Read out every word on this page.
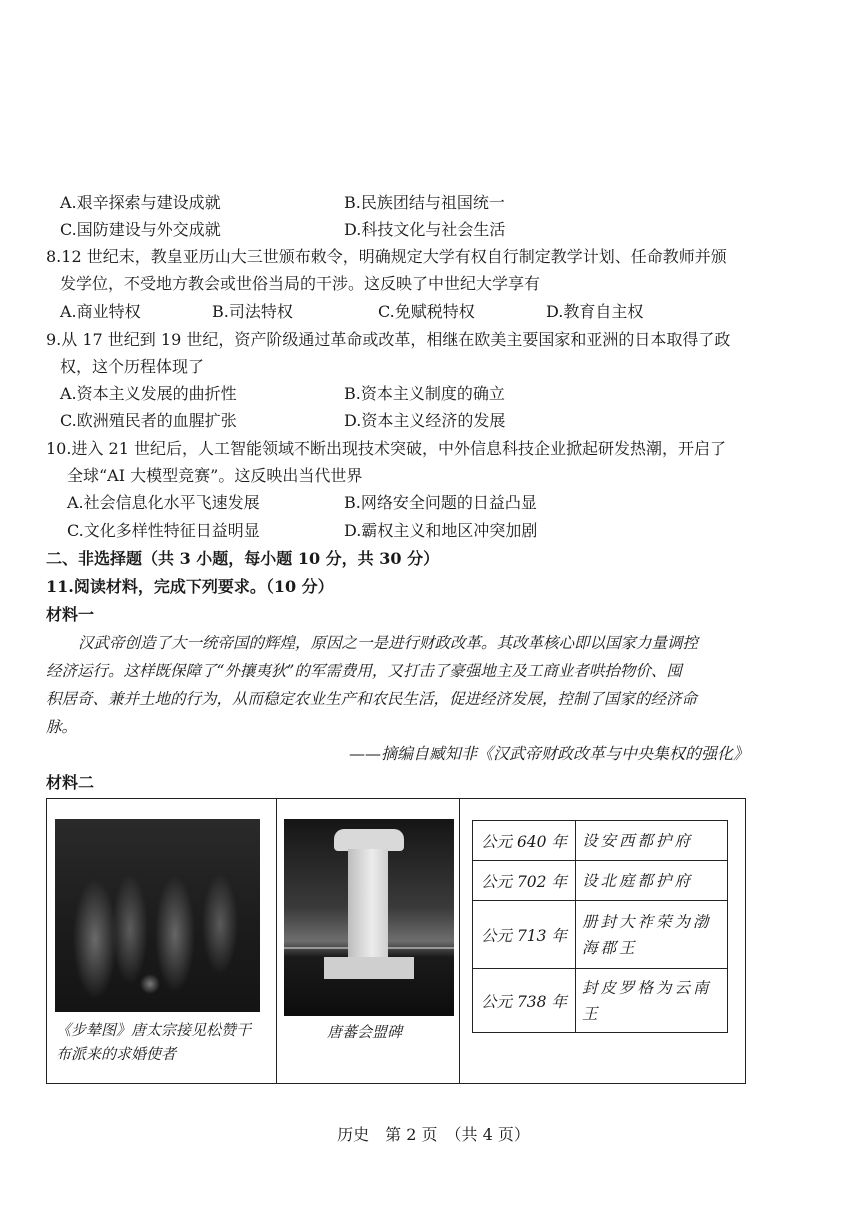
A.艰辛探索与建设成就	B.民族团结与祖国统一
C.国防建设与外交成就	D.科技文化与社会生活
8.12 世纪末，教皇亚历山大三世颁布敕令，明确规定大学有权自行制定教学计划、任命教师并颁
发学位，不受地方教会或世俗当局的干涉。这反映了中世纪大学享有
A.商业特权	B.司法特权	C.免赋税特权	D.教育自主权
9.从 17 世纪到 19 世纪，资产阶级通过革命或改革，相继在欧美主要国家和亚洲的日本取得了政
权，这个历程体现了
A.资本主义发展的曲折性	B.资本主义制度的确立
C.欧洲殖民者的血腥扩张	D.资本主义经济的发展
10.进入 21 世纪后，人工智能领域不断出现技术突破，中外信息科技企业掀起研发热潮，开启了
全球“AI 大模型竞赛”。这反映出当代世界
A.社会信息化水平飞速发展	B.网络安全问题的日益凸显
C.文化多样性特征日益明显	D.霸权主义和地区冲突加剧
二、非选择题（共 3 小题，每小题 10 分，共 30 分）
11.阅读材料，完成下列要求。（10 分）
材料一
汉武帝创造了大一统帝国的辉煌，原因之一是进行财政改革。其改革核心即以国家力量调控
经济运行。这样既保障了“外攘夷狄”的军需费用，又打击了豪强地主及工商业者哄抬物价、囤
积居奇、兼并土地的行为，从而稳定农业生产和农民生活，促进经济发展，控制了国家的经济命
脉。
——摘编自臧知非《汉武帝财政改革与中央集权的强化》
材料二
《步辇图》唐太宗接见松赞干
布派来的求婚使者
唐蕃会盟碑
公元 640 年	设安西都护府
公元 702 年	设北庭都护府
公元 713 年	册封大祚荣为渤海郡王
公元 738 年	封皮罗格为云南王
历史　第 2 页　（共 4 页）
